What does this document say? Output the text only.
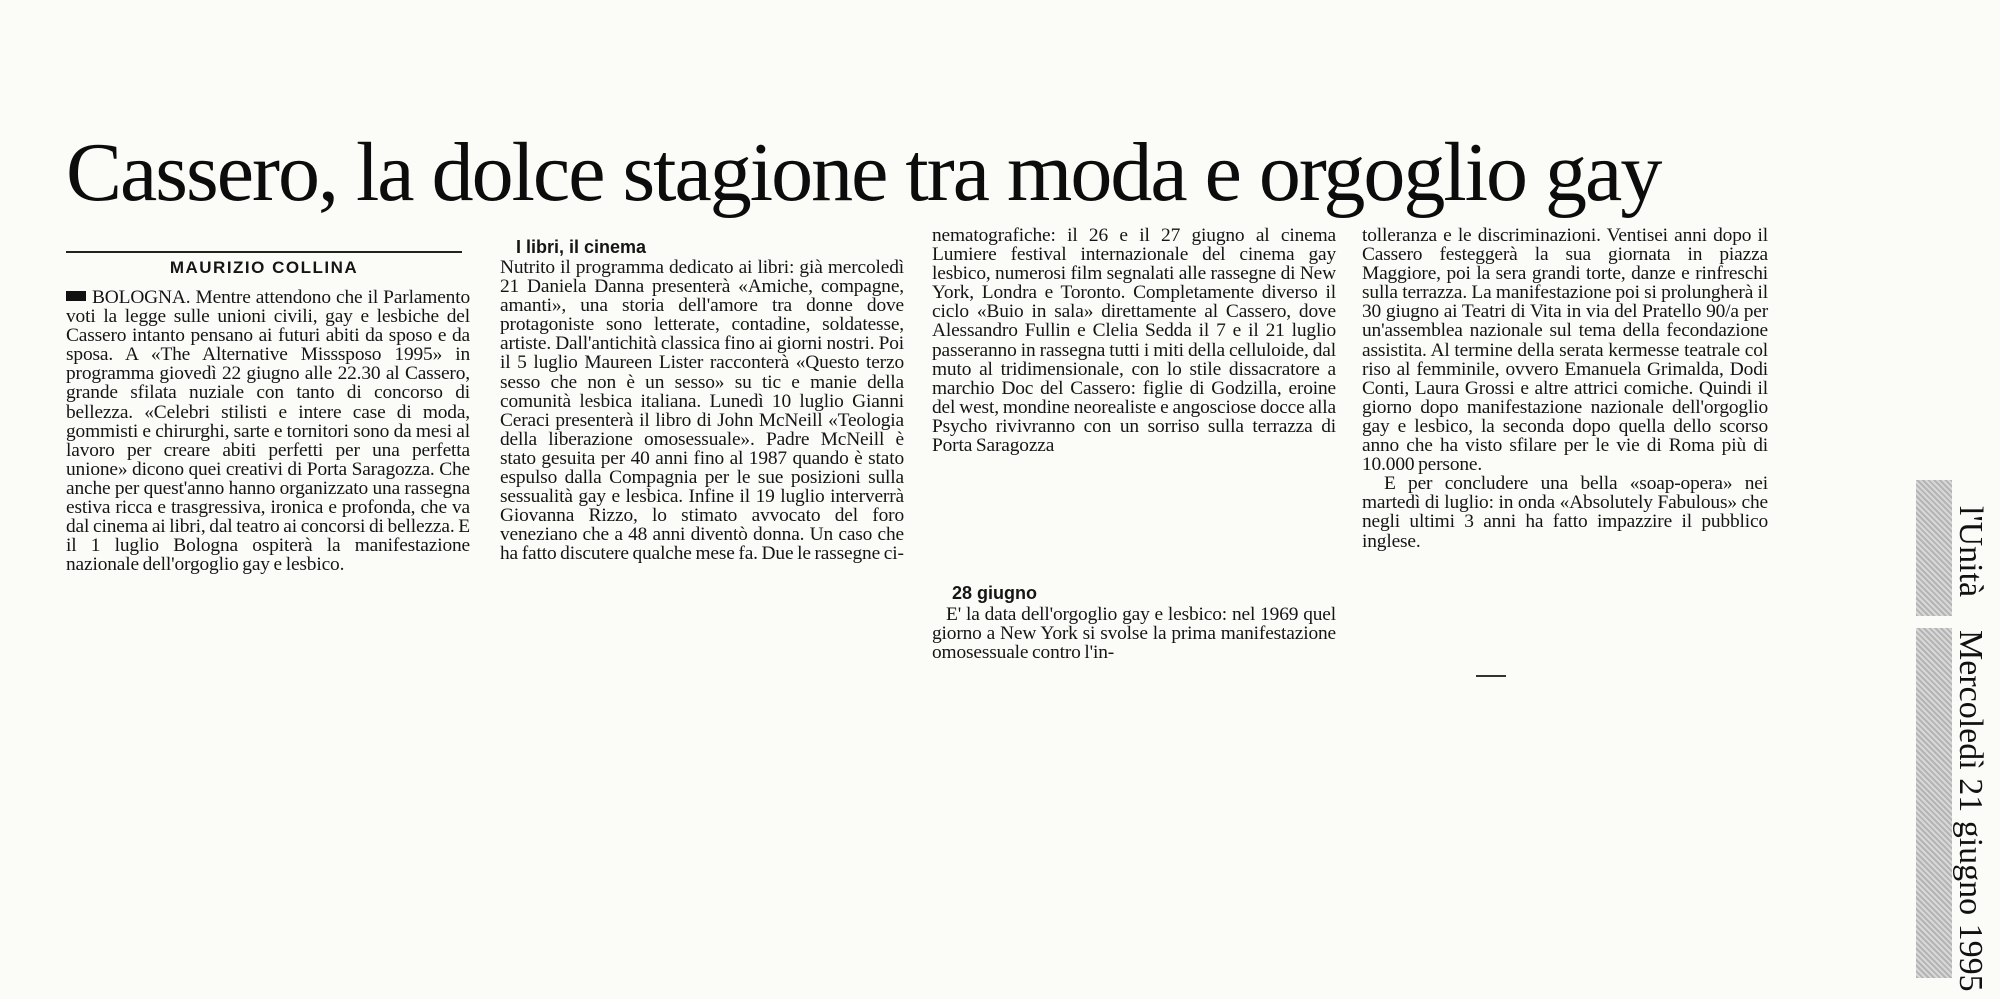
Cassero, la dolce stagione tra moda e orgoglio gay
MAURIZIO COLLINA

BOLOGNA. Mentre attendono che il Parlamento voti la legge sulle unioni civili, gay e lesbiche del Cassero intanto pensano ai futuri abiti da sposo e da sposa. A «The Alternative Misssposo 1995» in programma giovedì 22 giugno alle 22.30 al Cassero, grande sfilata nuziale con tanto di concorso di bellezza. «Celebri stilisti e intere case di moda, gommisti e chirurghi, sarte e tornitori sono da mesi al lavoro per creare abiti perfetti per una perfetta unione» dicono quei creativi di Porta Saragozza. Che anche per quest'anno hanno organizzato una rassegna estiva ricca e trasgressiva, ironica e profonda, che va dal cinema ai libri, dal teatro ai concorsi di bellezza. E il 1 luglio Bologna ospiterà la manifestazione nazionale dell'orgoglio gay e lesbico.

I libri, il cinema

Nutrito il programma dedicato ai libri: già mercoledì 21 Daniela Danna presenterà «Amiche, compagne, amanti», una storia dell'amore tra donne dove protagoniste sono letterate, contadine, soldatesse, artiste. Dall'antichità classica fino ai giorni nostri. Poi il 5 luglio Maureen Lister racconterà «Questo terzo sesso che non è un sesso» su tic e manie della comunità lesbica italiana. Lunedì 10 luglio Gianni Ceraci presenterà il libro di John McNeill «Teologia della liberazione omosessuale». Padre McNeill è stato gesuita per 40 anni fino al 1987 quando è stato espulso dalla Compagnia per le sue posizioni sulla sessualità gay e lesbica. Infine il 19 luglio interverrà Giovanna Rizzo, lo stimato avvocato del foro veneziano che a 48 anni diventò donna. Un caso che ha fatto discutere qualche mese fa. Due le rassegne ci-

nematografiche: il 26 e il 27 giugno al cinema Lumiere festival internazionale del cinema gay lesbico, numerosi film segnalati alle rassegne di New York, Londra e Toronto. Completamente diverso il ciclo «Buio in sala» direttamente al Cassero, dove Alessandro Fullin e Clelia Sedda il 7 e il 21 luglio passeranno in rassegna tutti i miti della celluloide, dal muto al tridimensionale, con lo stile dissacratore a marchio Doc del Cassero: figlie di Godzilla, eroine del west, mondine neorealiste e angosciose docce alla Psycho rivivranno con un sorriso sulla terrazza di Porta Saragozza

28 giugno

E' la data dell'orgoglio gay e lesbico: nel 1969 quel giorno a New York si svolse la prima manifestazione omosessuale contro l'in-

tolleranza e le discriminazioni. Ventisei anni dopo il Cassero festeggerà la sua giornata in piazza Maggiore, poi la sera grandi torte, danze e rinfreschi sulla terrazza. La manifestazione poi si prolungherà il 30 giugno ai Teatri di Vita in via del Pratello 90/a per un'assemblea nazionale sul tema della fecondazione assistita. Al termine della serata kermesse teatrale col riso al femminile, ovvero Emanuela Grimalda, Dodi Conti, Laura Grossi e altre attrici comiche. Quindi il giorno dopo manifestazione nazionale dell'orgoglio gay e lesbico, la seconda dopo quella dello scorso anno che ha visto sfilare per le vie di Roma più di 10.000 persone.

E per concludere una bella «soap-opera» nei martedì di luglio: in onda «Absolutely Fabulous» che negli ultimi 3 anni ha fatto impazzire il pubblico inglese.	l'Unità
Mercoledì 21 giugno 1995
